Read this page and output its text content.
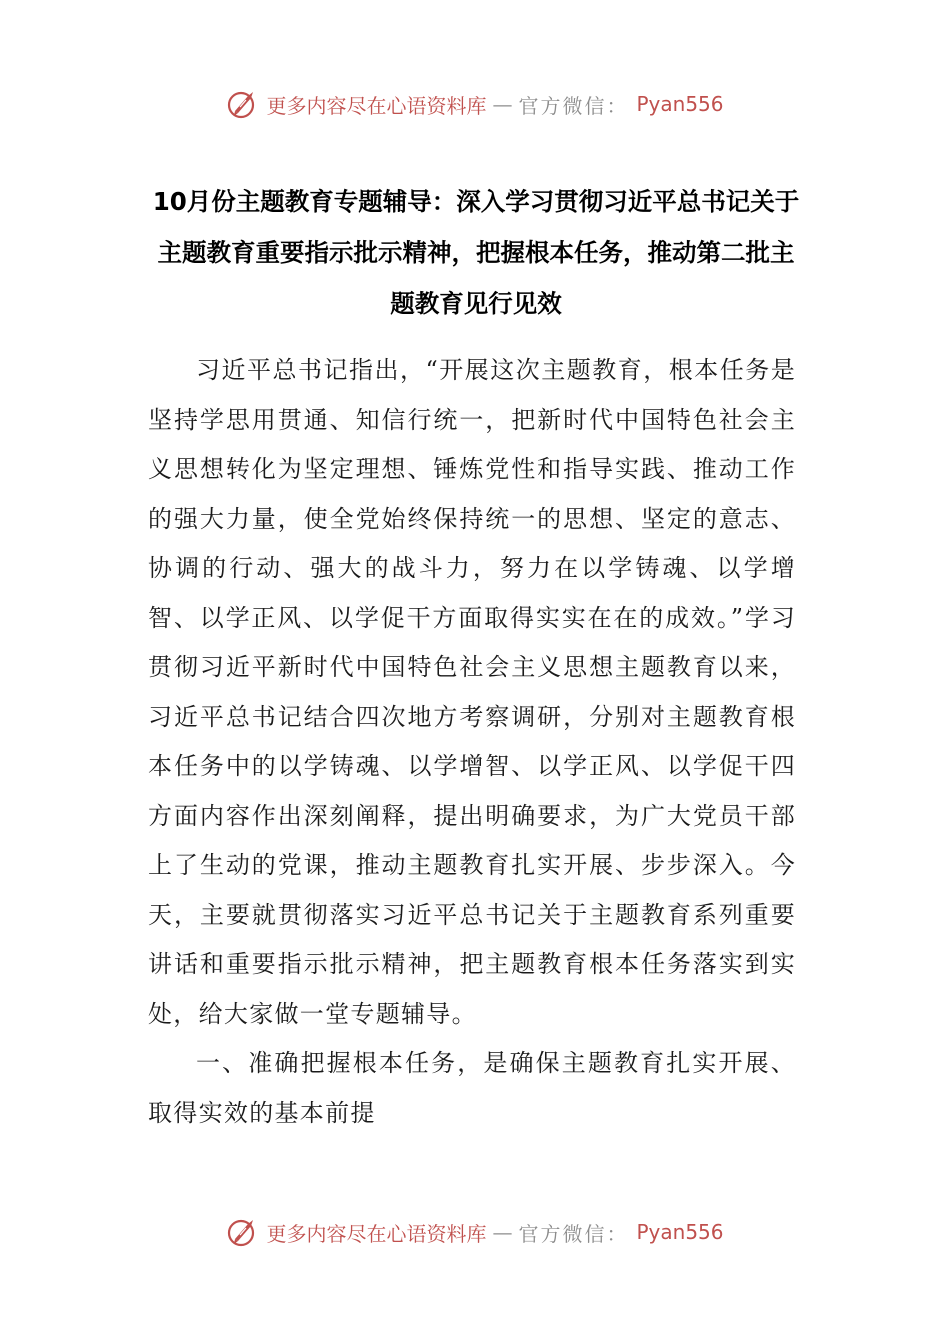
更多内容尽在心语资料库 — 官方微信： Pyan556
10月份主题教育专题辅导：深入学习贯彻习近平总书记关于主题教育重要指示批示精神，把握根本任务，推动第二批主题教育见行见效

习近平总书记指出，“开展这次主题教育，根本任务是坚持学思用贯通、知信行统一，把新时代中国特色社会主义思想转化为坚定理想、锤炼党性和指导实践、推动工作的强大力量，使全党始终保持统一的思想、坚定的意志、协调的行动、强大的战斗力，努力在以学铸魂、以学增智、以学正风、以学促干方面取得实实在在的成效。”学习贯彻习近平新时代中国特色社会主义思想主题教育以来，习近平总书记结合四次地方考察调研，分别对主题教育根本任务中的以学铸魂、以学增智、以学正风、以学促干四方面内容作出深刻阐释，提出明确要求，为广大党员干部上了生动的党课，推动主题教育扎实开展、步步深入。今天，主要就贯彻落实习近平总书记关于主题教育系列重要讲话和重要指示批示精神，把主题教育根本任务落实到实处，给大家做一堂专题辅导。

一、准确把握根本任务，是确保主题教育扎实开展、取得实效的基本前提

更多内容尽在心语资料库 — 官方微信： Pyan556
